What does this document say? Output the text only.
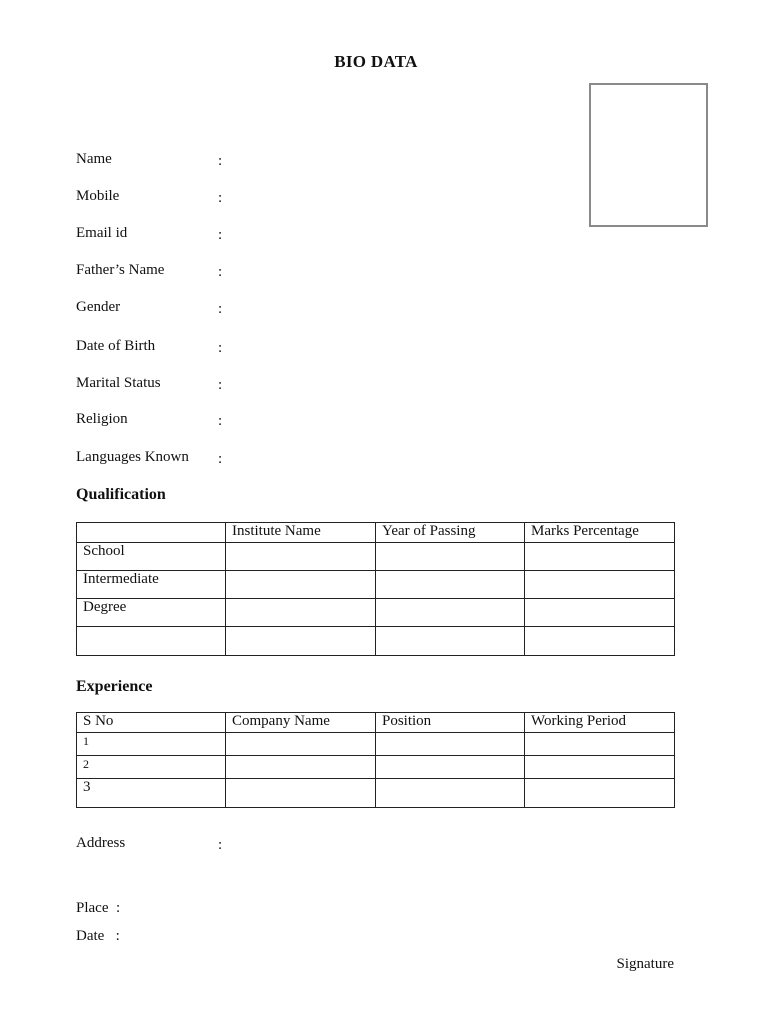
BIO DATA
Name	:
Mobile	:
Email id	:
Father’s Name	:
Gender	:
Date of Birth	:
Marital Status	:
Religion	:
Languages Known :
Qualification
	Institute Name	Year of Passing	Marks Percentage
School			
Intermediate			
Degree			

Experience
S No	Company Name	Position	Working Period
1			
2			
3			
Address	:
Place  :
Date   :
Signature
